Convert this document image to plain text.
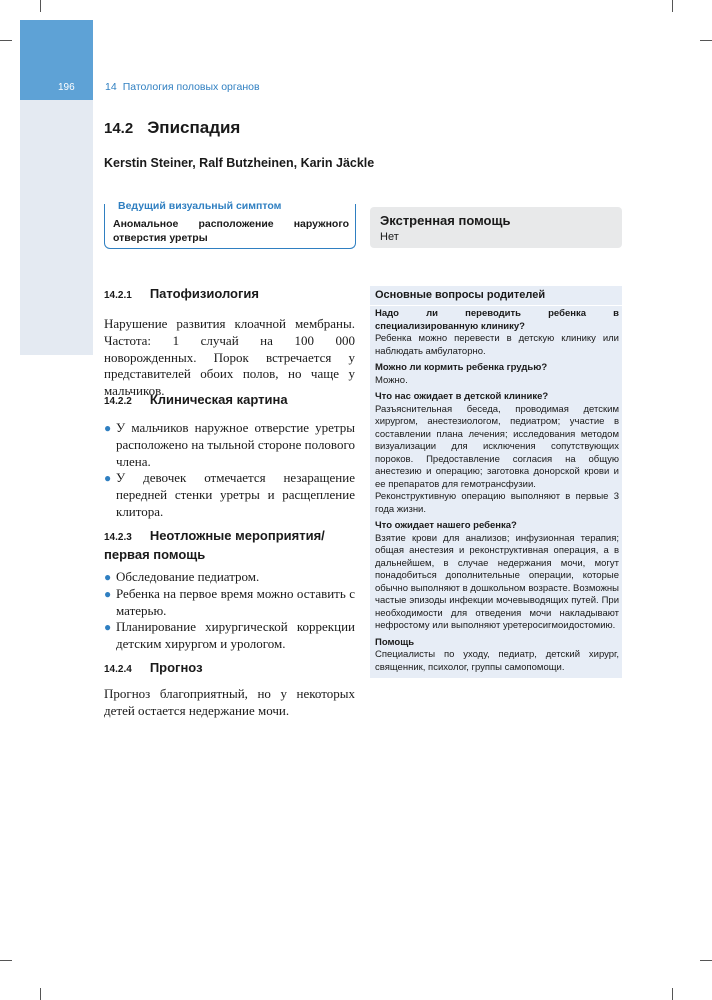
196	14 Патология половых органов
14.2 Эписпадия
Kerstin Steiner, Ralf Butzheinen, Karin Jäckle
Ведущий визуальный симптом
Аномальное расположение наружного отверстия уретры
Экстренная помощь
Нет
14.2.1 Патофизиология
Нарушение развития клоачной мембраны. Частота: 1 случай на 100 000 новорожденных. Порок встречается у представителей обоих полов, но чаще у мальчиков.
14.2.2 Клиническая картина
● У мальчиков наружное отверстие уретры расположено на тыльной стороне полового члена.
● У девочек отмечается незаращение передней стенки уретры и расщепление клитора.
14.2.3 Неотложные мероприятия/
первая помощь
● Обследование педиатром.
● Ребенка на первое время можно оставить с матерью.
● Планирование хирургической коррекции детским хирургом и урологом.
14.2.4 Прогноз
Прогноз благоприятный, но у некоторых детей остается недержание мочи.
Основные вопросы родителей
Надо ли переводить ребенка в специализированную клинику?
Ребенка можно перевести в детскую клинику или наблюдать амбулаторно.
Можно ли кормить ребенка грудью?
Можно.
Что нас ожидает в детской клинике?
Разъяснительная беседа, проводимая детским хирургом, анестезиологом, педиатром; участие в составлении плана лечения; исследования методом визуализации для исключения сопутствующих пороков. Предоставление согласия на общую анестезию и операцию; заготовка донорской крови и ее препаратов для гемотрансфузии.
Реконструктивную операцию выполняют в первые 3 года жизни.
Что ожидает нашего ребенка?
Взятие крови для анализов; инфузионная терапия; общая анестезия и реконструктивная операция, а в дальнейшем, в случае недержания мочи, могут понадобиться дополнительные операции, которые обычно выполняют в дошкольном возрасте. Возможны частые эпизоды инфекции мочевыводящих путей. При необходимости для отведения мочи накладывают нефростому или выполняют уретеросигмоидостомию.
Помощь
Специалисты по уходу, педиатр, детский хирург, священник, психолог, группы самопомощи.
